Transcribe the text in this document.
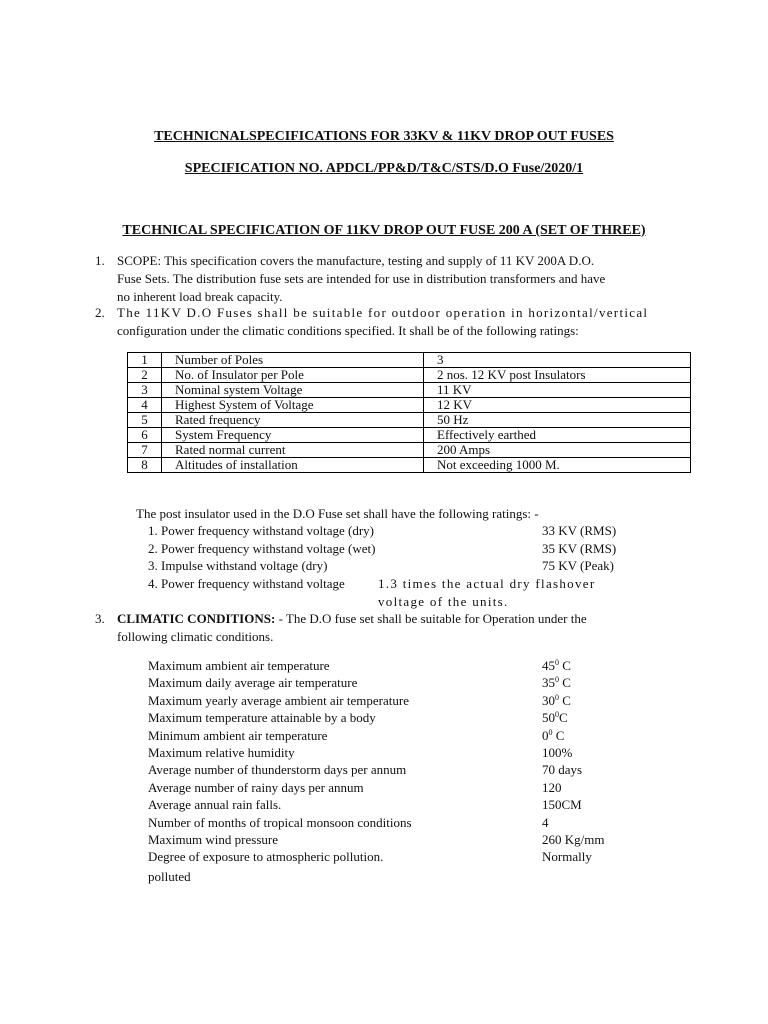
TECHNICNALSPECIFICATIONS FOR 33KV & 11KV DROP OUT FUSES
SPECIFICATION NO. APDCL/PP&D/T&C/STS/D.O Fuse/2020/1
TECHNICAL SPECIFICATION OF 11KV DROP OUT FUSE 200 A (SET OF THREE)
1. SCOPE: This specification covers the manufacture, testing and supply of 11 KV 200A D.O.
Fuse Sets. The distribution fuse sets are intended for use in distribution transformers and have
no inherent load break capacity.
2. The 11KV D.O Fuses shall be suitable for outdoor operation in horizontal/vertical
configuration under the climatic conditions specified. It shall be of the following ratings:
1	Number of Poles	3
2	No. of Insulator per Pole	2 nos. 12 KV post Insulators
3	Nominal system Voltage	11 KV
4	Highest System of Voltage	12 KV
5	Rated frequency	50 Hz
6	System Frequency	Effectively earthed
7	Rated normal current	200 Amps
8	Altitudes of installation	Not exceeding 1000 M.
The post insulator used in the D.O Fuse set shall have the following ratings: -
1. Power frequency withstand voltage (dry)	33 KV (RMS)
2. Power frequency withstand voltage (wet)	35 KV (RMS)
3. Impulse withstand voltage (dry)	75 KV (Peak)
4. Power frequency withstand voltage	1.3 times the actual dry flashover
voltage of the units.
3. CLIMATIC CONDITIONS: - The D.O fuse set shall be suitable for Operation under the
following climatic conditions.
Maximum ambient air temperature	$45^0$ C
Maximum daily average air temperature	$35^0$ C
Maximum yearly average ambient air temperature	$30^0$ C
Maximum temperature attainable by a body	$50^0C$
Minimum ambient air temperature	$0^0$ C
Maximum relative humidity	100%
Average number of thunderstorm days per annum	70 days
Average number of rainy days per annum	120
Average annual rain falls.	150CM
Number of months of tropical monsoon conditions	4
Maximum wind pressure	260 Kg/mm
Degree of exposure to atmospheric pollution.	Normally
polluted
